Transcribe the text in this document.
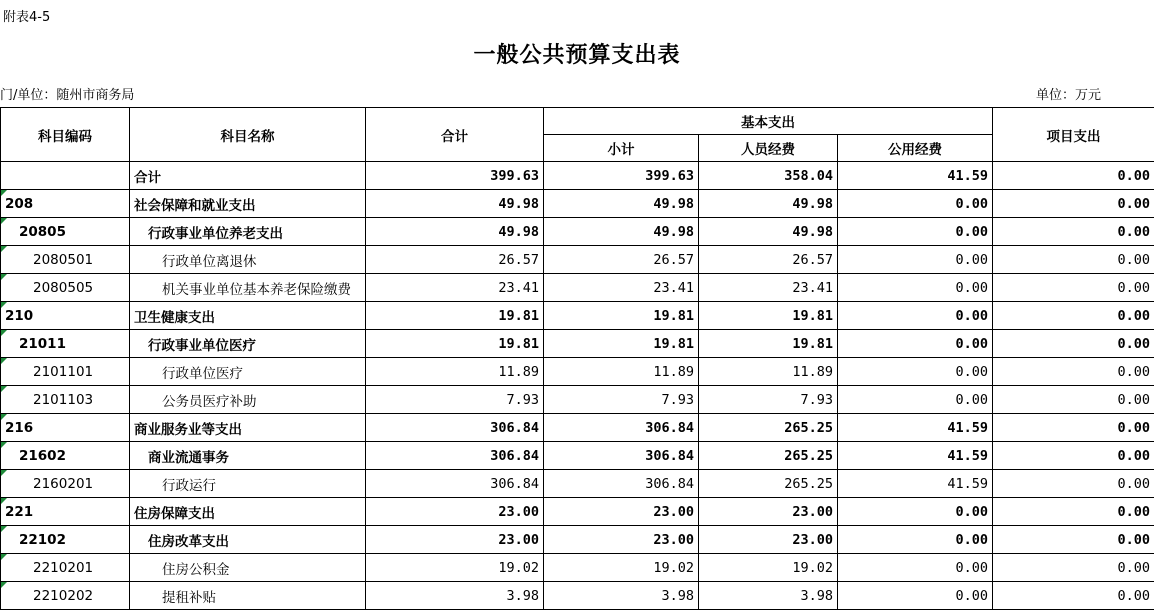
附表4-5
一般公共预算支出表
门/单位：随州市商务局	单位：万元
科目编码	科目名称	合计	基本支出			项目支出
			小计	人员经费	公用经费	
	合计	399.63	399.63	358.04	41.59	0.00

208	社会保障和就业支出	49.98	49.98	49.98	0.00	0.00

20805	行政事业单位养老支出	49.98	49.98	49.98	0.00	0.00

2080501	行政单位离退休	26.57	26.57	26.57	0.00	0.00

2080505	机关事业单位基本养老保险缴费	23.41	23.41	23.41	0.00	0.00

210	卫生健康支出	19.81	19.81	19.81	0.00	0.00

21011	行政事业单位医疗	19.81	19.81	19.81	0.00	0.00

2101101	行政单位医疗	11.89	11.89	11.89	0.00	0.00

2101103	公务员医疗补助	7.93	7.93	7.93	0.00	0.00

216	商业服务业等支出	306.84	306.84	265.25	41.59	0.00

21602	商业流通事务	306.84	306.84	265.25	41.59	0.00

2160201	行政运行	306.84	306.84	265.25	41.59	0.00

221	住房保障支出	23.00	23.00	23.00	0.00	0.00

22102	住房改革支出	23.00	23.00	23.00	0.00	0.00

2210201	住房公积金	19.02	19.02	19.02	0.00	0.00

2210202	提租补贴	3.98	3.98	3.98	0.00	0.00
